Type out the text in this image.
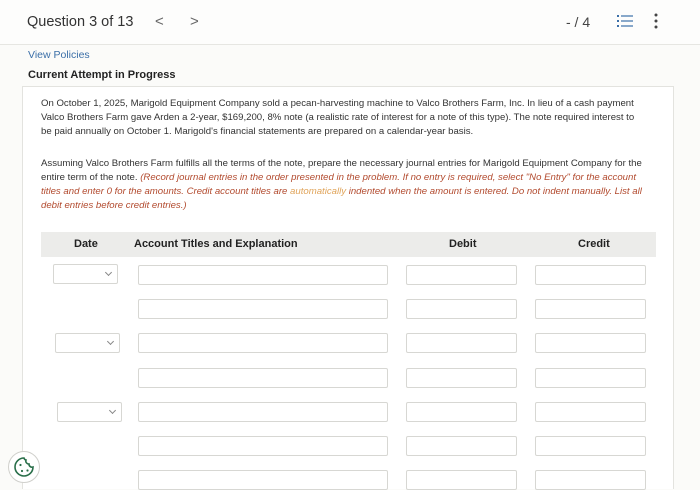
Question 3 of 13 < >	- / 4
View Policies
Current Attempt in Progress
On October 1, 2025, Marigold Equipment Company sold a pecan-harvesting machine to Valco Brothers Farm, Inc. In lieu of a cash payment Valco Brothers Farm gave Arden a 2-year, $169,200, 8% note (a realistic rate of interest for a note of this type). The note required interest to be paid annually on October 1. Marigold's financial statements are prepared on a calendar-year basis.
Assuming Valco Brothers Farm fulfills all the terms of the note, prepare the necessary journal entries for Marigold Equipment Company for the entire term of the note. (Record journal entries in the order presented in the problem. If no entry is required, select "No Entry" for the account titles and enter 0 for the amounts. Credit account titles are automatically indented when the amount is entered. Do not indent manually. List all debit entries before credit entries.)
Date	Account Titles and Explanation	Debit	Credit
